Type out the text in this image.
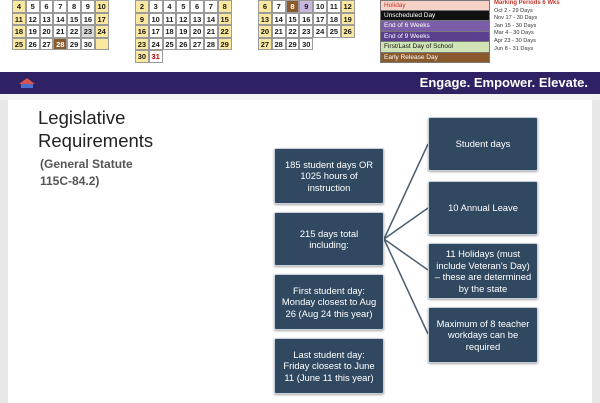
4	5	6	7	8	9	10
11 12 13 14 15 16 17
18 19 20 21 22 23 24
25 26 27 28 29 30
2	3	4	5	6	7	8
9	10 11 12 13 14 15
16 17 18 19 20 21 22
23 24 25 26 27 28 29
30 31
6	7	8	9	10 11 12
13 14 15 16 17 18 19
20 21 22 23 24 25 26
27 28 29 30
Holiday
Unscheduled Day
End of 6 Weeks
End of 9 Weeks
First/Last Day of School
Early Release Day
Marking Periods 6 Wks
Oct 2 - 29 Days
Nov 17 - 30 Days
Jan 15 - 30 Days
Mar 4 - 30 Days
Apr 23 - 30 Days
Jun 8 - 31 Days
Engage. Empower. Elevate.
Legislative
Requirements
(General Statute
115C-84.2)
185 student days OR 1025 hours of instruction
215 days total including:
First student day: Monday closest to Aug 26 (Aug 24 this year)
Last student day: Friday closest to June 11 (June 11 this year)
Student days
10 Annual Leave
11 Holidays (must include Veteran's Day) – these are determined by the state
Maximum of 8 teacher workdays can be required
